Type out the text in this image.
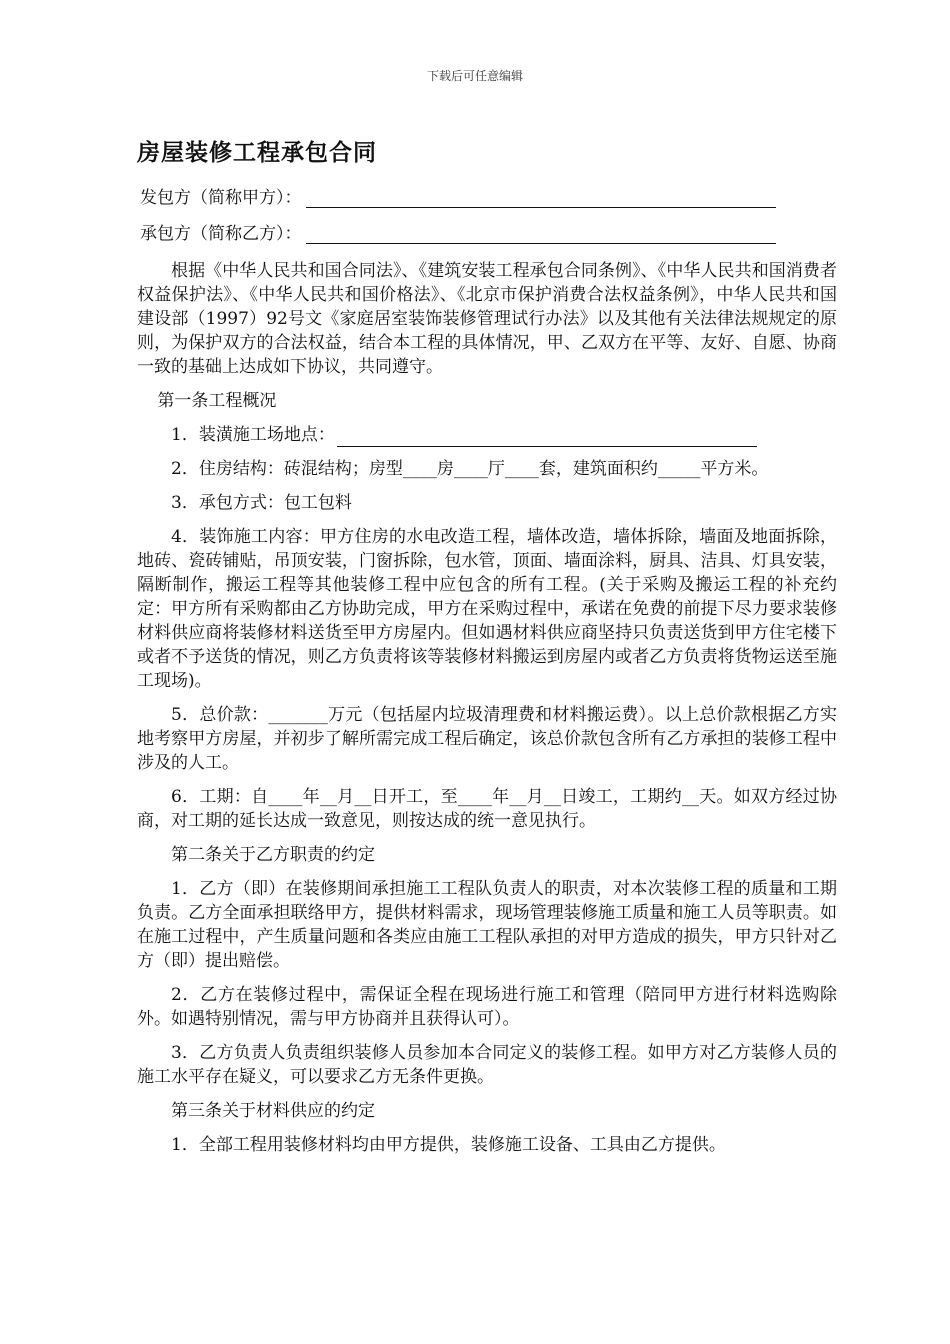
下载后可任意编辑
房屋装修工程承包合同
发包方（简称甲方）：
承包方（简称乙方）：

根据《中华人民共和国合同法》、《建筑安装工程承包合同条例》、《中华人民共和国消费者权益保护法》、《中华人民共和国价格法》、《北京市保护消费合法权益条例》，中华人民共和国建设部（1997）92号文《家庭居室装饰装修管理试行办法》以及其他有关法律法规规定的原则，为保护双方的合法权益，结合本工程的具体情况，甲、乙双方在平等、友好、自愿、协商一致的基础上达成如下协议，共同遵守。

第一条工程概况

1．装潢施工场地点：

2．住房结构：砖混结构；房型____房____厅____套，建筑面积约_____平方米。

3．承包方式：包工包料

4．装饰施工内容：甲方住房的水电改造工程，墙体改造，墙体拆除，墙面及地面拆除，地砖、瓷砖铺贴，吊顶安装，门窗拆除，包水管，顶面、墙面涂料，厨具、洁具、灯具安装，隔断制作，搬运工程等其他装修工程中应包含的所有工程。(关于采购及搬运工程的补充约定：甲方所有采购都由乙方协助完成，甲方在采购过程中，承诺在免费的前提下尽力要求装修材料供应商将装修材料送货至甲方房屋内。但如遇材料供应商坚持只负责送货到甲方住宅楼下或者不予送货的情况，则乙方负责将该等装修材料搬运到房屋内或者乙方负责将货物运送至施工现场)。

5．总价款：_______万元（包括屋内垃圾清理费和材料搬运费）。以上总价款根据乙方实地考察甲方房屋，并初步了解所需完成工程后确定，该总价款包含所有乙方承担的装修工程中涉及的人工。

6．工期：自____年__月__日开工，至____年__月__日竣工，工期约__天。如双方经过协商，对工期的延长达成一致意见，则按达成的统一意见执行。

第二条关于乙方职责的约定

1．乙方（即）在装修期间承担施工工程队负责人的职责，对本次装修工程的质量和工期负责。乙方全面承担联络甲方，提供材料需求，现场管理装修施工质量和施工人员等职责。如在施工过程中，产生质量问题和各类应由施工工程队承担的对甲方造成的损失，甲方只针对乙方（即）提出赔偿。

2．乙方在装修过程中，需保证全程在现场进行施工和管理（陪同甲方进行材料选购除外。如遇特别情况，需与甲方协商并且获得认可）。

3．乙方负责人负责组织装修人员参加本合同定义的装修工程。如甲方对乙方装修人员的施工水平存在疑义，可以要求乙方无条件更换。

第三条关于材料供应的约定

1．全部工程用装修材料均由甲方提供，装修施工设备、工具由乙方提供。
